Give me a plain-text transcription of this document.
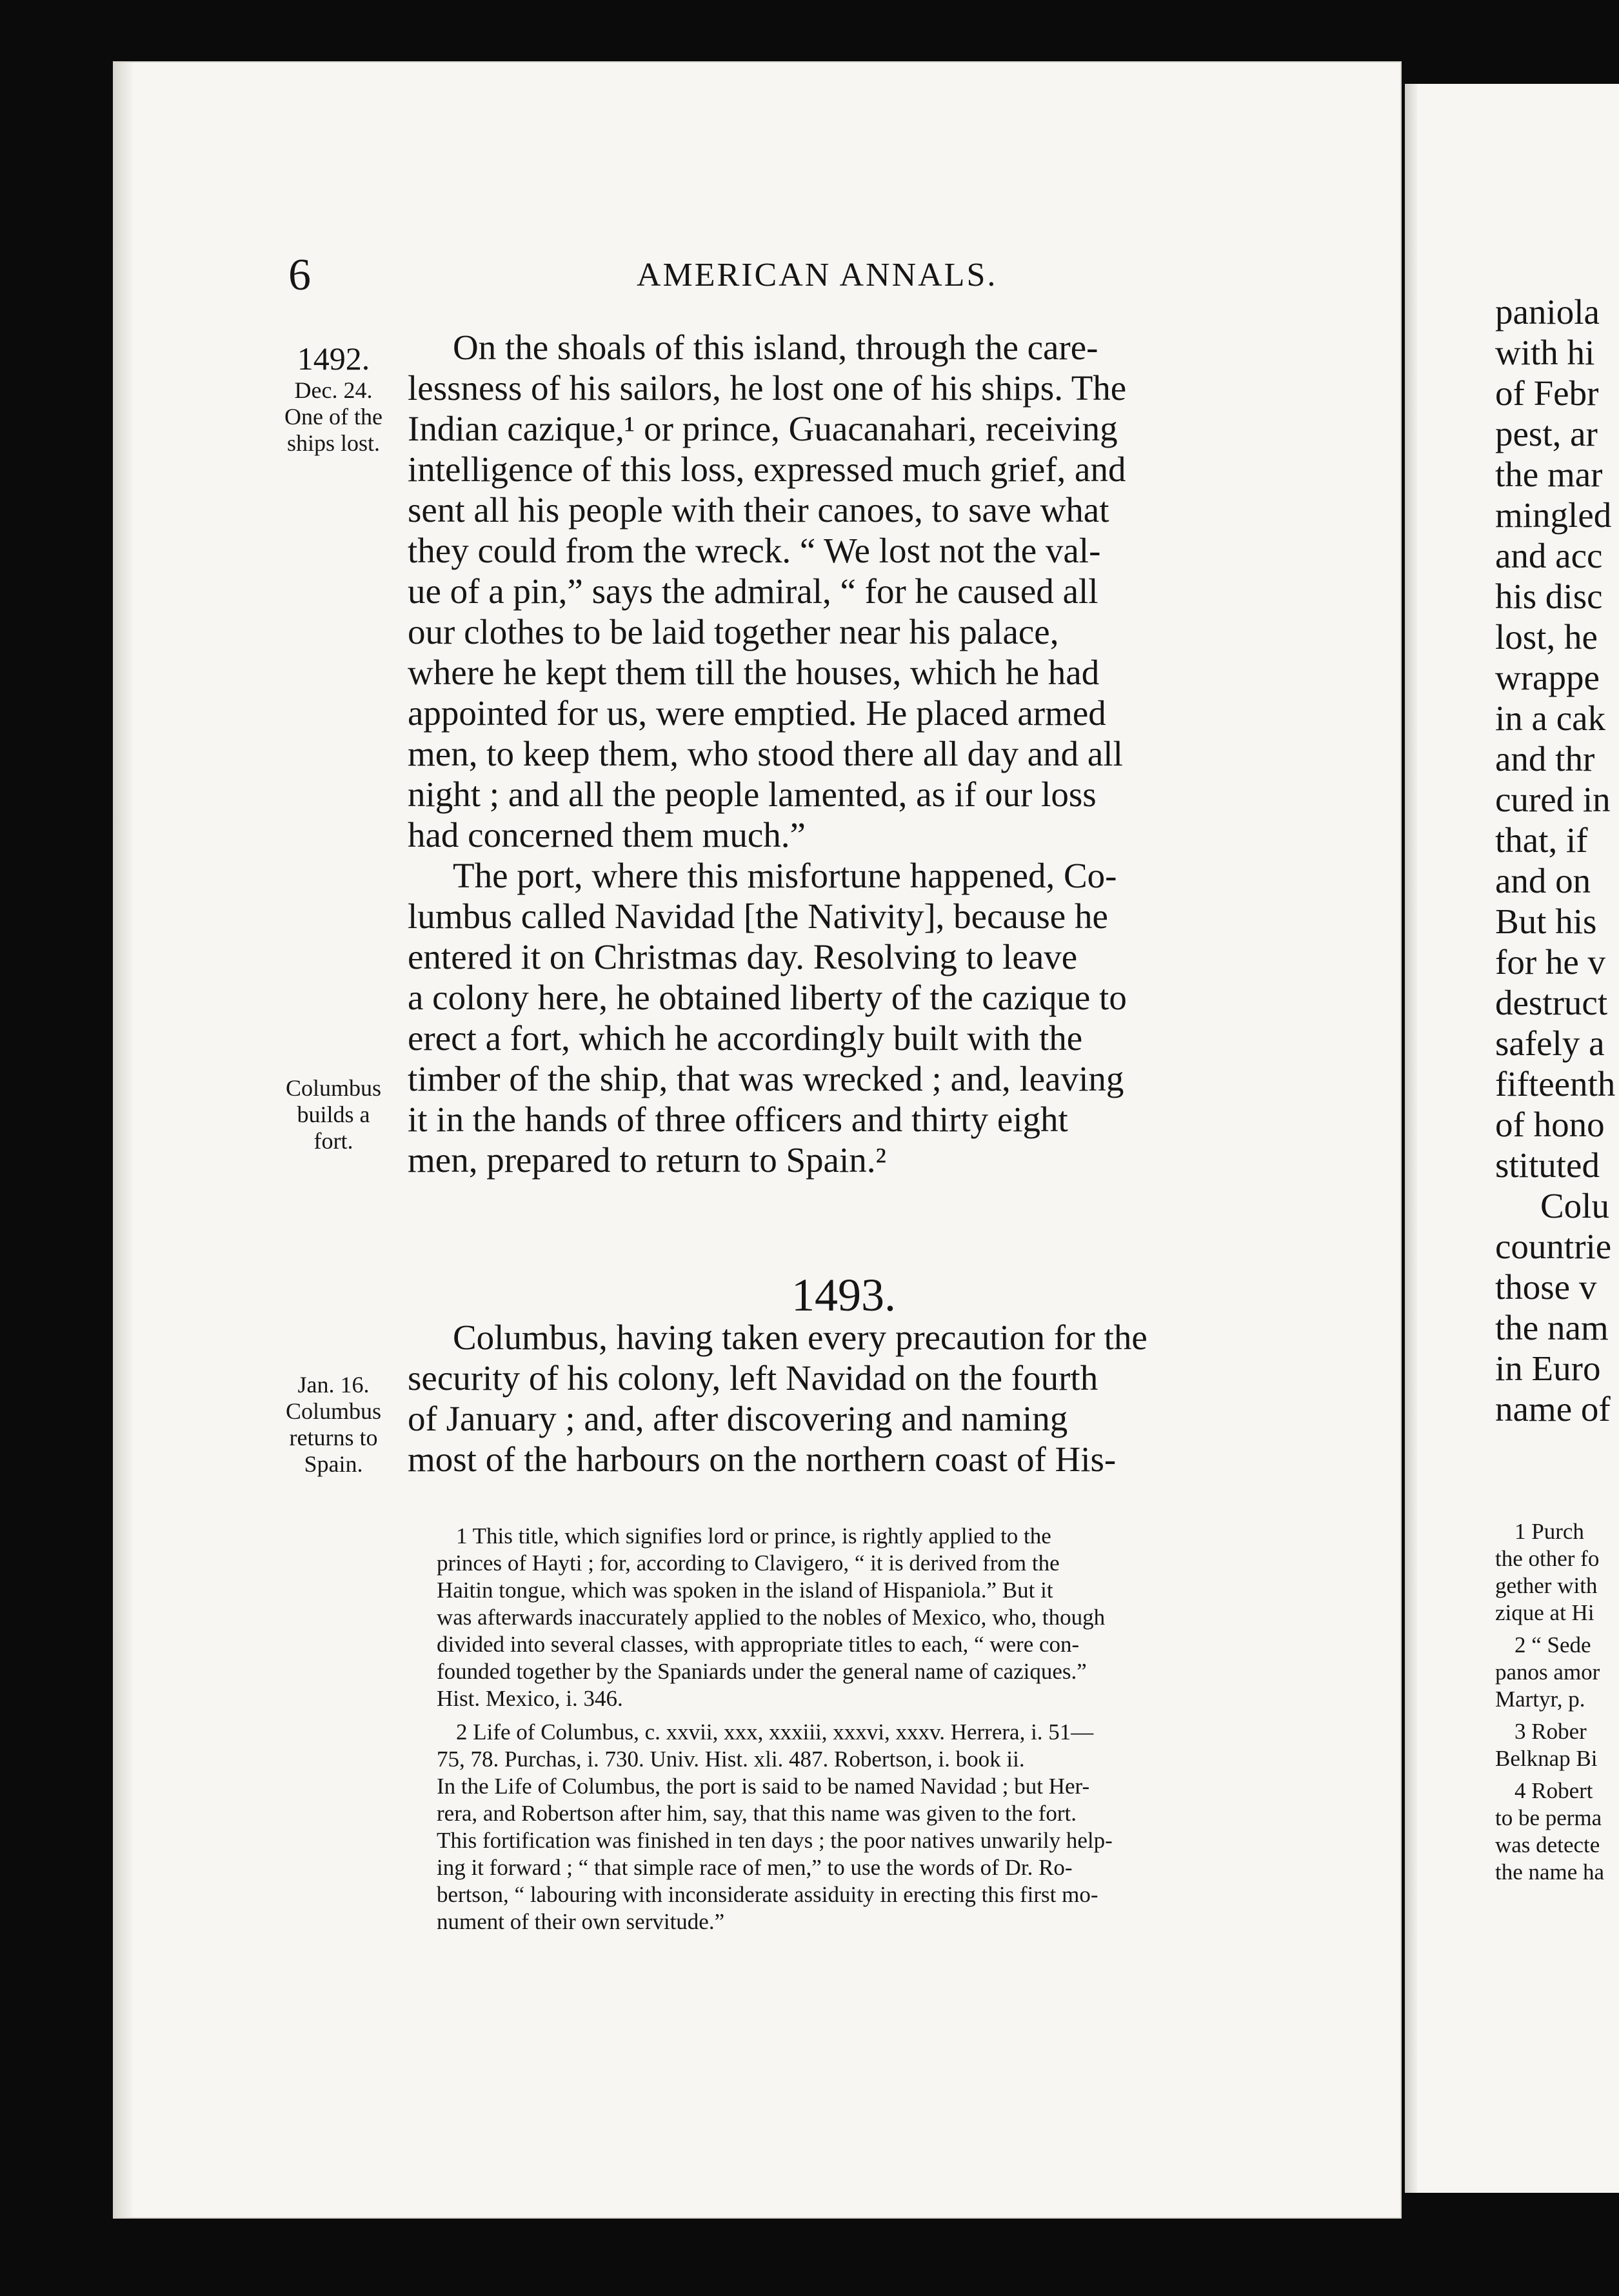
6	AMERICAN ANNALS.
1492.
Dec. 24.
One of the
ships lost.
Columbus
builds a
fort.
Jan. 16.
Columbus
returns to
Spain.
On the shoals of this island, through the care-
lessness of his sailors, he lost one of his ships. The
Indian cazique,¹ or prince, Guacanahari, receiving
intelligence of this loss, expressed much grief, and
sent all his people with their canoes, to save what
they could from the wreck. “ We lost not the val-
ue of a pin,” says the admiral, “ for he caused all
our clothes to be laid together near his palace,
where he kept them till the houses, which he had
appointed for us, were emptied. He placed armed
men, to keep them, who stood there all day and all
night ; and all the people lamented, as if our loss
had concerned them much.”
The port, where this misfortune happened, Co-
lumbus called Navidad [the Nativity], because he
entered it on Christmas day. Resolving to leave
a colony here, he obtained liberty of the cazique to
erect a fort, which he accordingly built with the
timber of the ship, that was wrecked ; and, leaving
it in the hands of three officers and thirty eight
men, prepared to return to Spain.²
1493.
Columbus, having taken every precaution for the
security of his colony, left Navidad on the fourth
of January ; and, after discovering and naming
most of the harbours on the northern coast of His-
1 This title, which signifies lord or prince, is rightly applied to the
princes of Hayti ; for, according to Clavigero, “ it is derived from the
Haitin tongue, which was spoken in the island of Hispaniola.” But it
was afterwards inaccurately applied to the nobles of Mexico, who, though
divided into several classes, with appropriate titles to each, “ were con-
founded together by the Spaniards under the general name of caziques.”
Hist. Mexico, i. 346.
2 Life of Columbus, c. xxvii, xxx, xxxiii, xxxvi, xxxv. Herrera, i. 51—
75, 78. Purchas, i. 730. Univ. Hist. xli. 487. Robertson, i. book ii.
In the Life of Columbus, the port is said to be named Navidad ; but Her-
rera, and Robertson after him, say, that this name was given to the fort.
This fortification was finished in ten days ; the poor natives unwarily help-
ing it forward ; “ that simple race of men,” to use the words of Dr. Ro-
bertson, “ labouring with inconsiderate assiduity in erecting this first mo-
nument of their own servitude.”
paniola
with hi
of Febr
pest, ar
the mar
mingled
and acc
his disc
lost, he
wrappe
in a cak
and thr
cured in
that, if
and on
But his
for he v
destruct
safely a
fifteenth
of hono
stituted
Colu
countrie
those v
the nam
in Euro
name of
1 Purch
the other fo
gether with
zique at Hi
2 “ Sede
panos amor
Martyr, p.
3 Rober
Belknap Bi
4 Robert
to be perma
was detecte
the name ha
